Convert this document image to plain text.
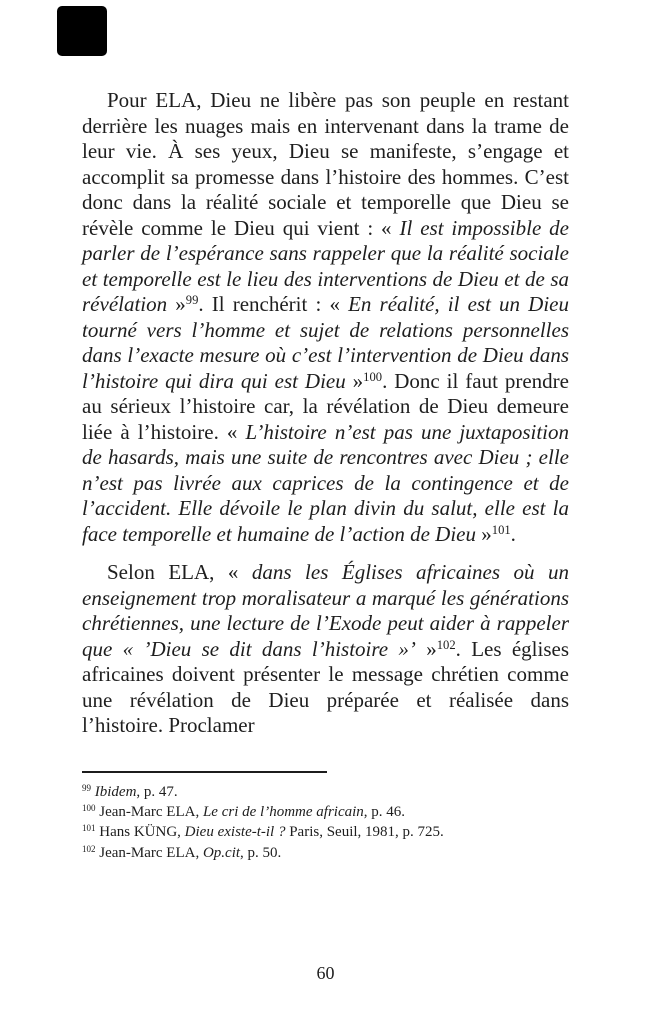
Pour ELA, Dieu ne libère pas son peuple en restant derrière les nuages mais en intervenant dans la trame de leur vie. À ses yeux, Dieu se manifeste, s’engage et accomplit sa promesse dans l’histoire des hommes. C’est donc dans la réalité sociale et temporelle que Dieu se révèle comme le Dieu qui vient : « Il est impossible de parler de l’espérance sans rappeler que la réalité sociale et temporelle est le lieu des interventions de Dieu et de sa révélation »$^{99}$. Il renchérit : « En réalité, il est un Dieu tourné vers l’homme et sujet de relations personnelles dans l’exacte mesure où c’est l’intervention de Dieu dans l’histoire qui dira qui est Dieu »$^{100}$. Donc il faut prendre au sérieux l’histoire car, la révélation de Dieu demeure liée à l’histoire. « L’histoire n’est pas une juxtaposition de hasards, mais une suite de rencontres avec Dieu ; elle n’est pas livrée aux caprices de la contingence et de l’accident. Elle dévoile le plan divin du salut, elle est la face temporelle et humaine de l’action de Dieu »$^{101}$.

Selon ELA, « dans les Églises africaines où un enseignement trop moralisateur a marqué les générations chrétiennes, une lecture de l’Exode peut aider à rappeler que « ’Dieu se dit dans l’histoire »’ »$^{102}$. Les églises africaines doivent présenter le message chrétien comme une révélation de Dieu préparée et réalisée dans l’histoire. Proclamer

$^{99}$ Ibidem, p. 47.

$^{100}$ Jean-Marc ELA, Le cri de l’homme africain, p. 46.

$^{101}$ Hans KÜNG, Dieu existe-t-il ? Paris, Seuil, 1981, p. 725.

$^{102}$ Jean-Marc ELA, Op.cit, p. 50.

60
